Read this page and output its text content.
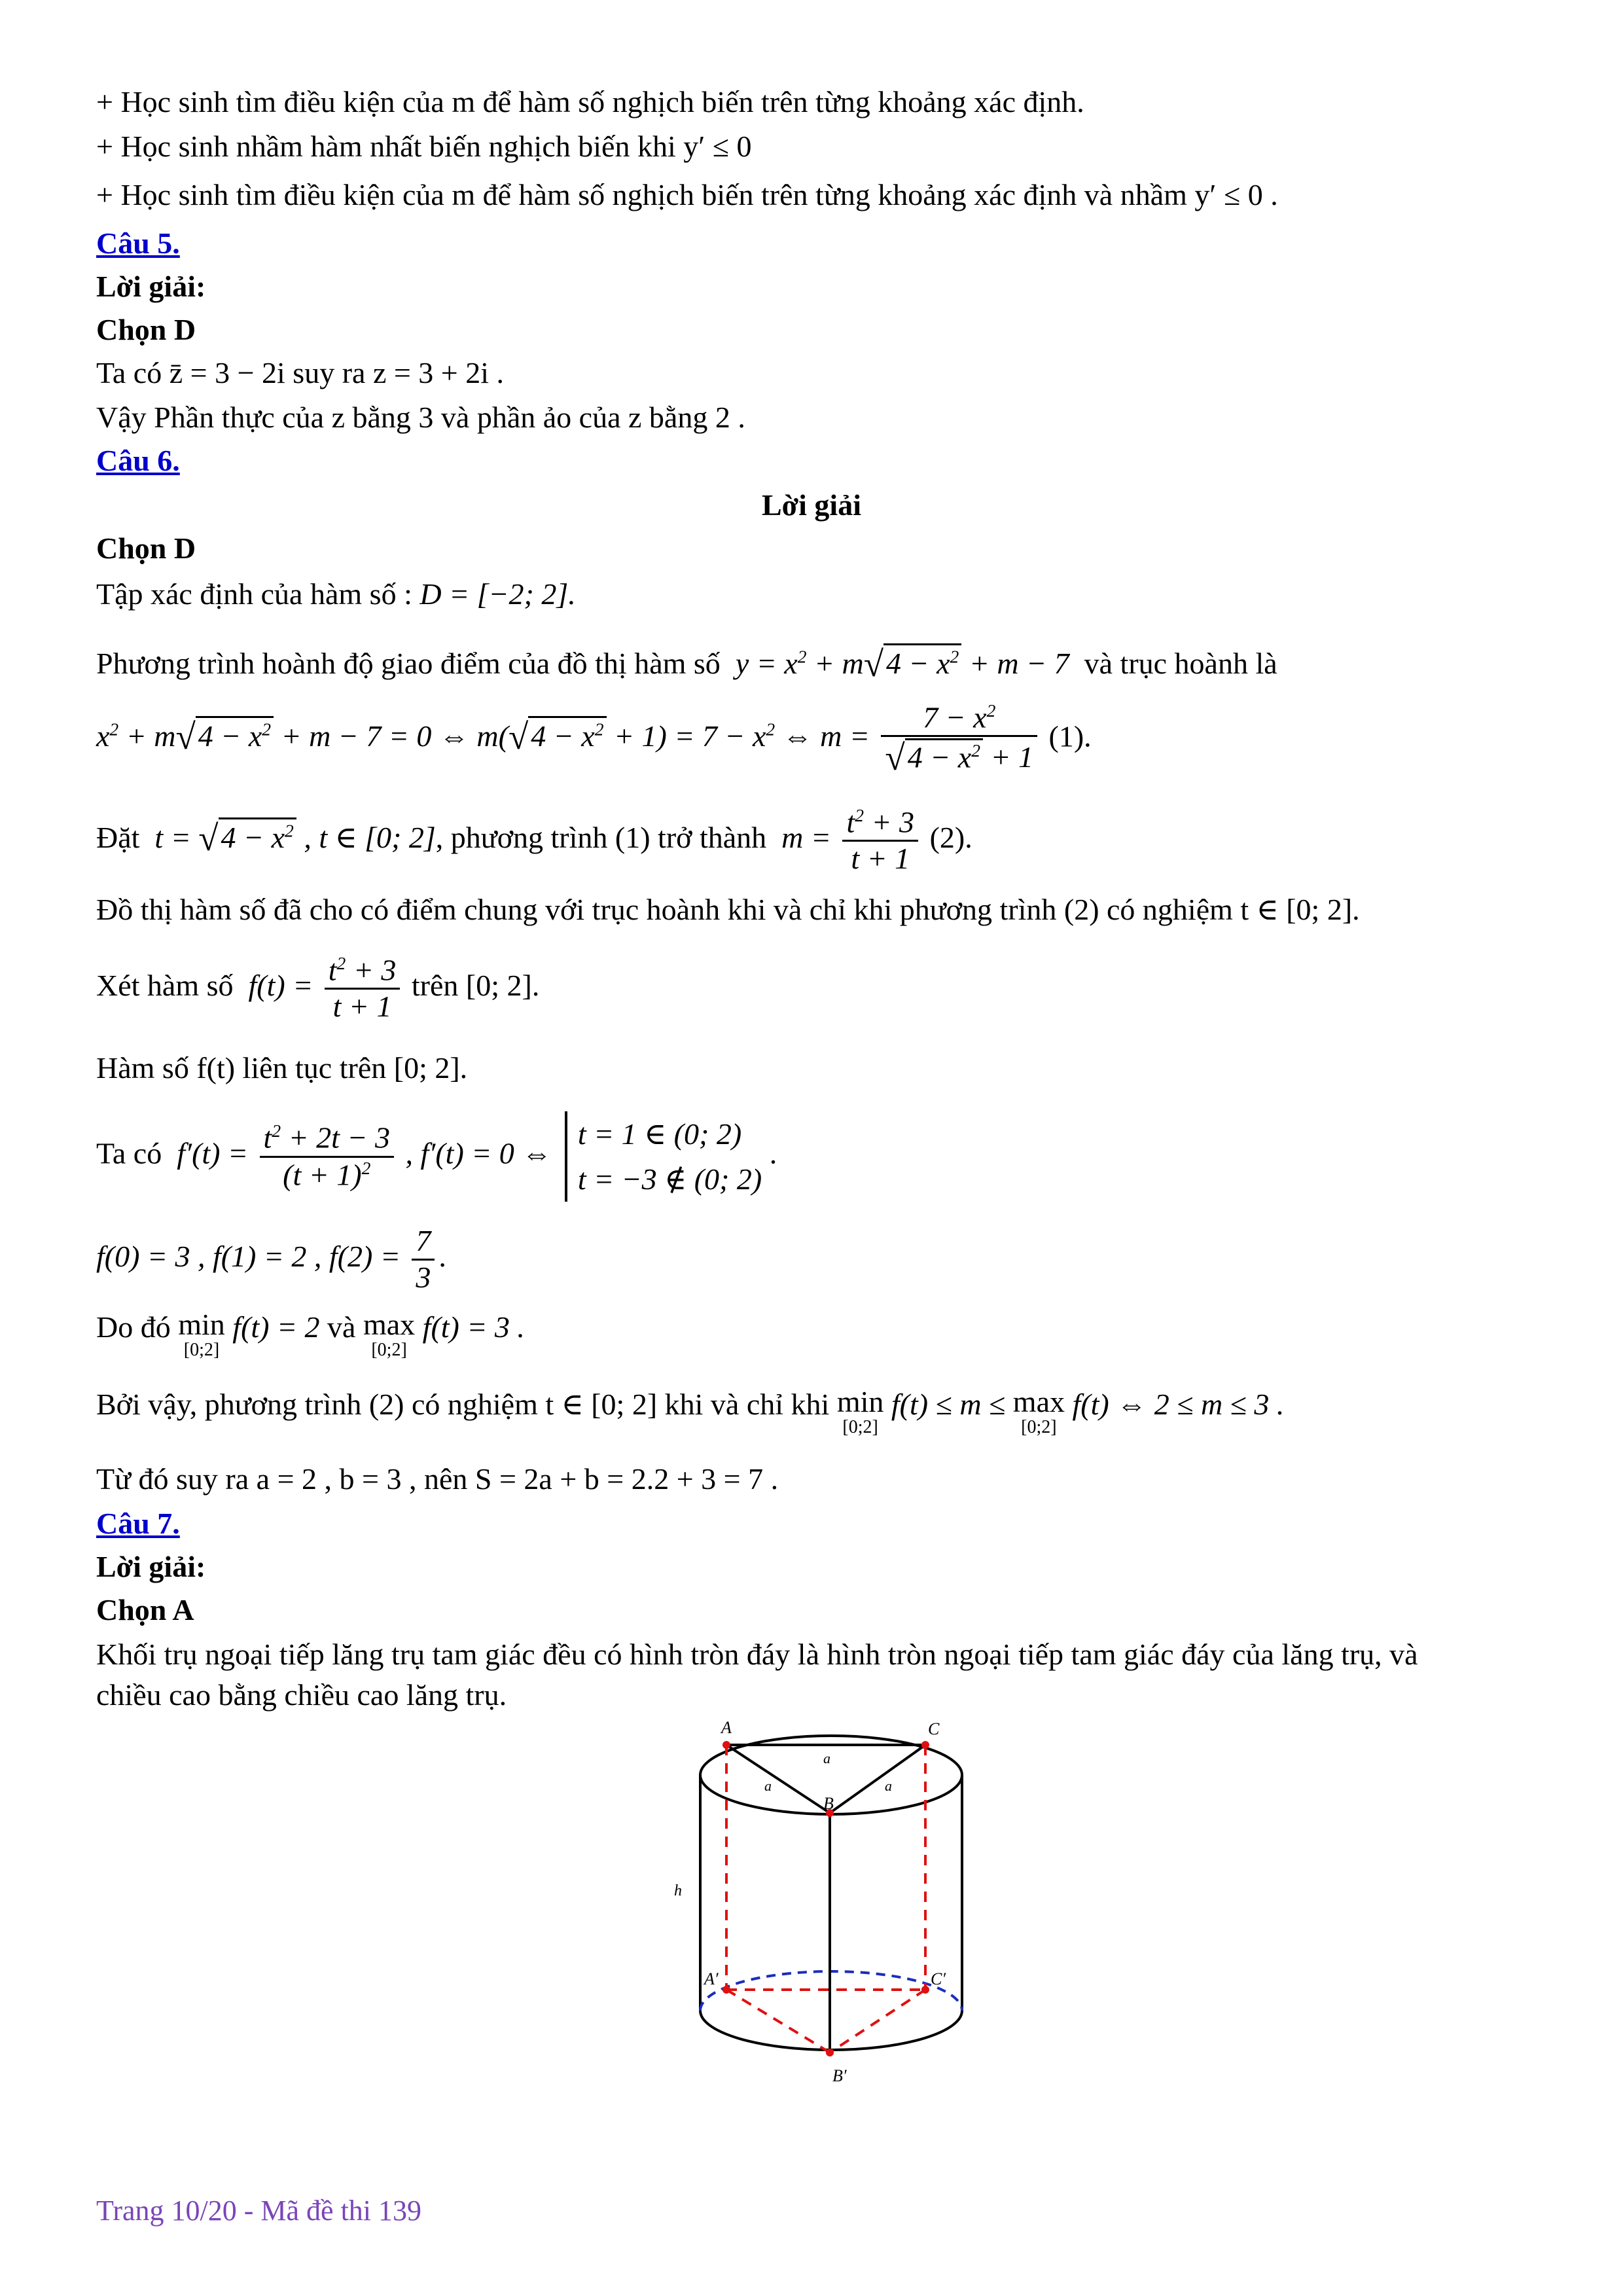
+ Học sinh tìm điều kiện của m để hàm số nghịch biến trên từng khoảng xác định.
+ Học sinh nhầm hàm nhất biến nghịch biến khi y′ ≤ 0
+ Học sinh tìm điều kiện của m để hàm số nghịch biến trên từng khoảng xác định và nhầm y′ ≤ 0 .
Câu 5.
Lời giải:
Chọn D
Ta có z̄ = 3 − 2i suy ra z = 3 + 2i .
Vậy Phần thực của z bằng 3 và phần ảo của z bằng 2 .
Câu 6.
Lời giải
Chọn D
Tập xác định của hàm số : D = [−2; 2].
Phương trình hoành độ giao điểm của đồ thị hàm số  $y = x^2 + m√4 - x^2 + m - 7$  và trục hoành là
$x^2 + m√4 - x^2 + m - 7 = 0$ ⇔ $m(√4 - x^2 + 1) = 7 - x^2$ ⇔ $m = \frac{7 - x^2}{√4 - x^2 + 1} (1)$.
Đặt  $t = √4 - x^2$ , t ∈ [0; 2], phương trình (1) trở thành  $m = \frac{t^2 + 3}{t + 1} (2)$.
Đồ thị hàm số đã cho có điểm chung với trục hoành khi và chỉ khi phương trình (2) có nghiệm t ∈ [0; 2].
Xét hàm số  $f(t) = \frac{t^2 + 3}{t + 1}$ trên [0; 2].
Hàm số f(t) liên tục trên [0; 2].
Ta có  $f'(t) = \frac{t^2 + 2t - 3}{(t + 1)^2}$ , f′(t) = 0 ⇔
t = 1 ∈ (0; 2)
t = −3 ∉ (0; 2)
.
f(0) = 3 , f(1) = 2 , $f(2) = \frac{7}{3}$ .
Do đó min
[0;2]
f(t) = 2 và max
[0;2]
f(t) = 3 .
Bởi vậy, phương trình (2) có nghiệm t ∈ [0; 2] khi và chỉ khi min
[0;2]
f(t) ≤ m ≤ max
[0;2]
f(t) ⇔ 2 ≤ m ≤ 3 .
Từ đó suy ra a = 2 , b = 3 , nên S = 2a + b = 2.2 + 3 = 7 .
Câu 7.
Lời giải:
Chọn A
Khối trụ ngoại tiếp lăng trụ tam giác đều có hình tròn đáy là hình tròn ngoại tiếp tam giác đáy của lăng trụ, và
chiều cao bằng chiều cao lăng trụ.
A	C
B
a
a	a
h
A′	C′
B′
Trang 10/20 - Mã đề thi 139
